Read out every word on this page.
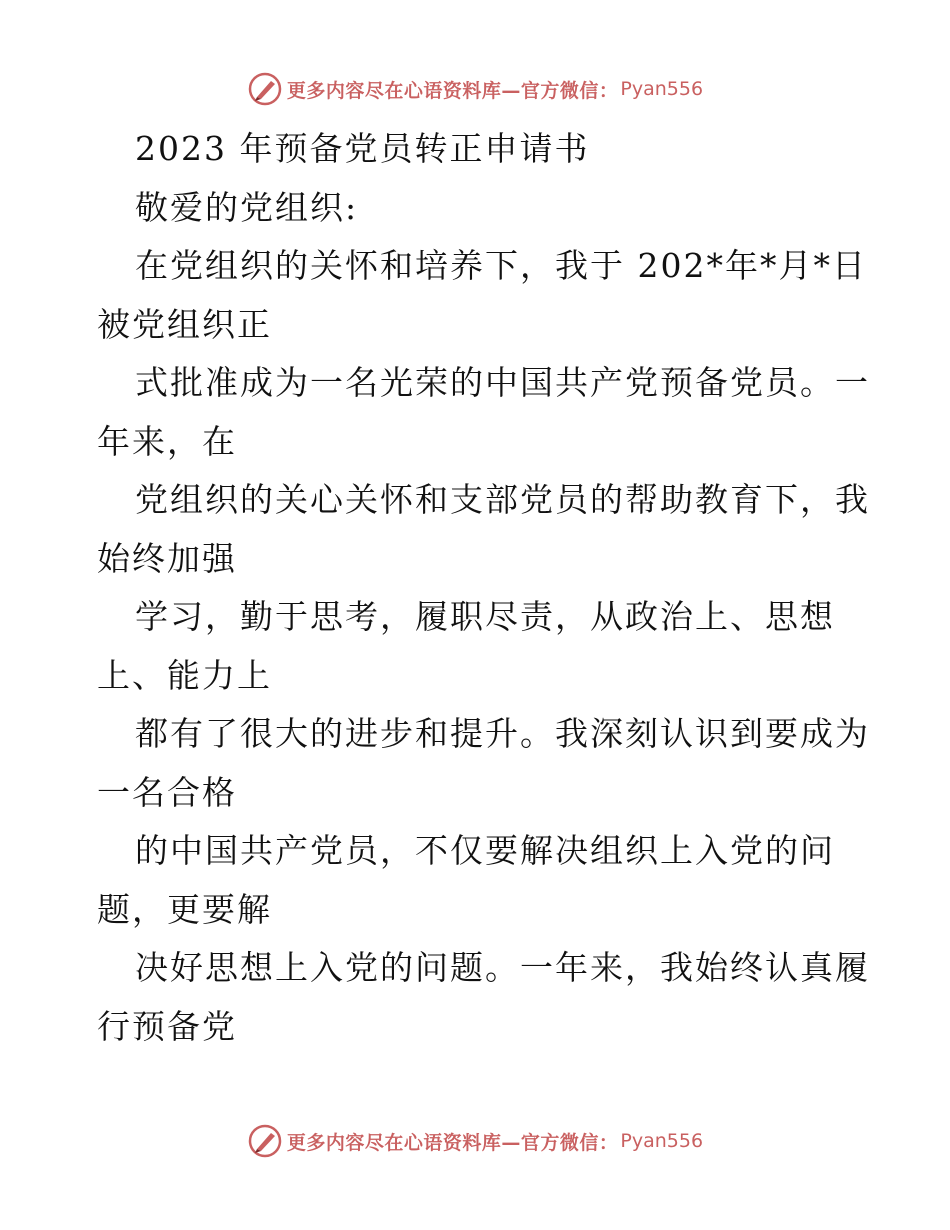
更多内容尽在心语资料库—官方微信： Pyan556
2023 年预备党员转正申请书
敬爱的党组织:
在党组织的关怀和培养下，我于 202*年*月*日
被党组织正
式批准成为一名光荣的中国共产党预备党员。一
年来，在
党组织的关心关怀和支部党员的帮助教育下，我
始终加强
学习，勤于思考，履职尽责，从政治上、思想
上、能力上
都有了很大的进步和提升。我深刻认识到要成为
一名合格
的中国共产党员，不仅要解决组织上入党的问
题，更要解
决好思想上入党的问题。一年来，我始终认真履
行预备党
更多内容尽在心语资料库—官方微信： Pyan556
